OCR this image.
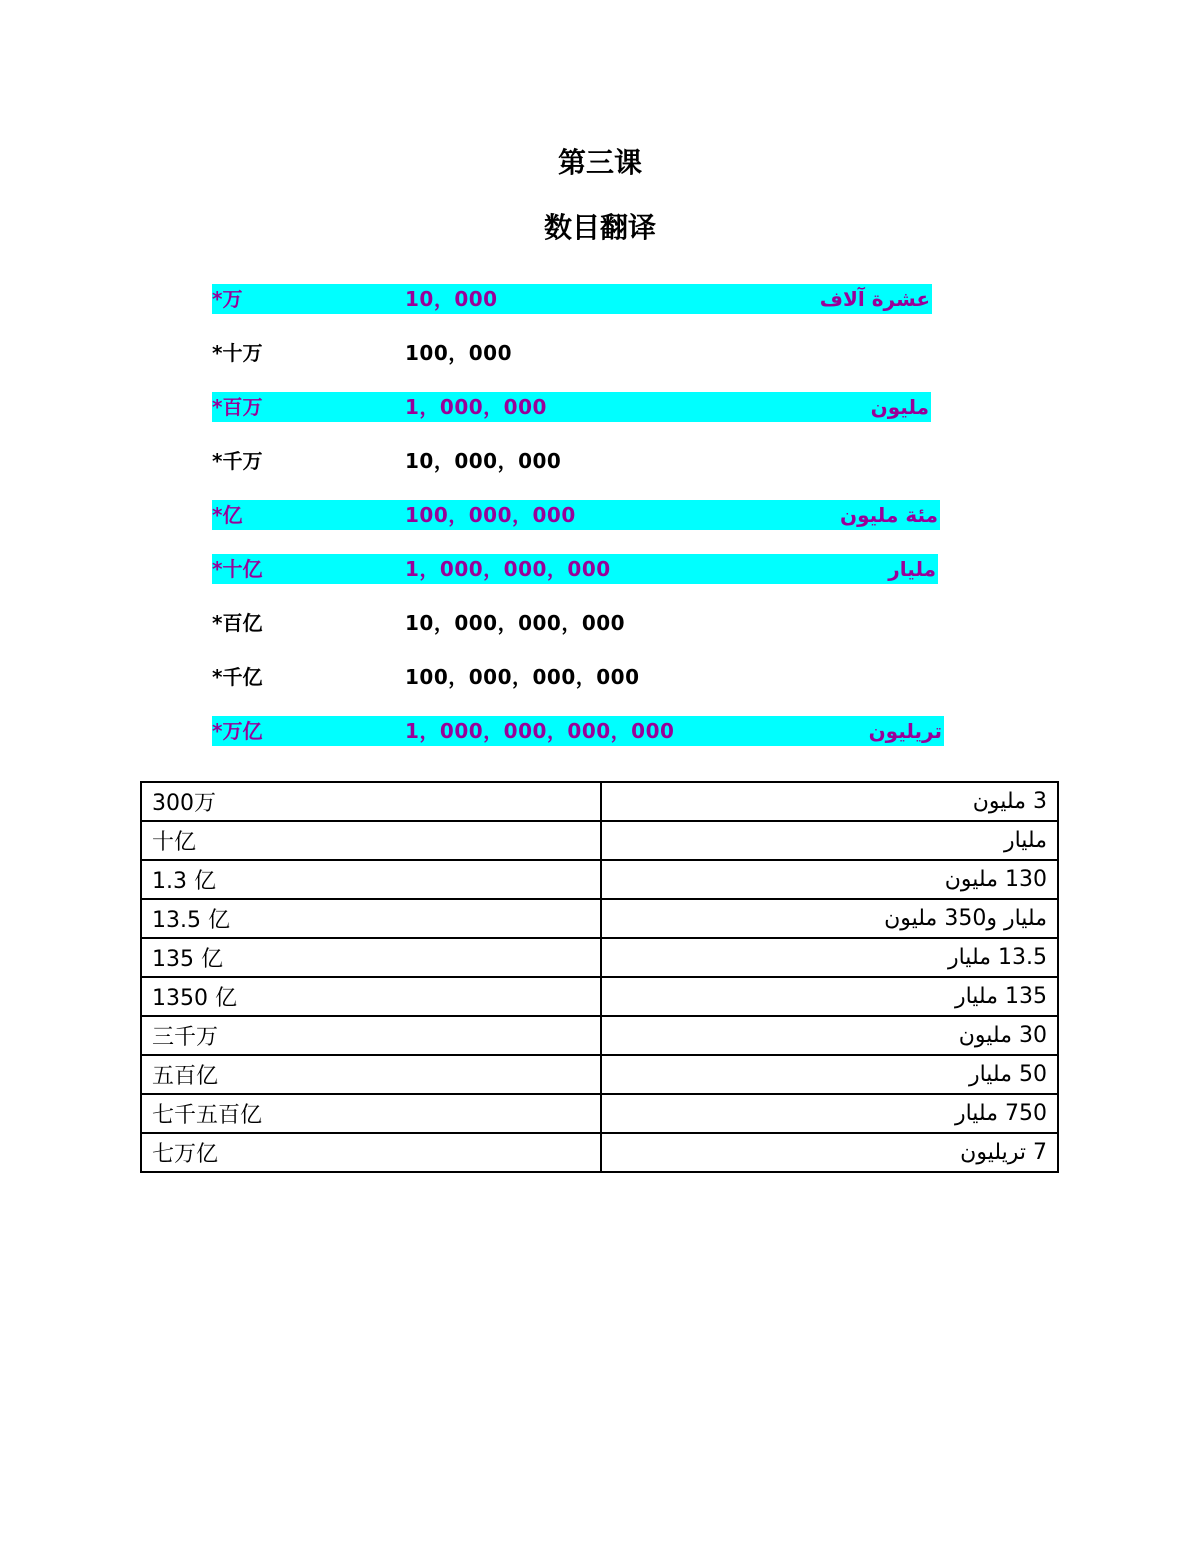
第三课
数目翻译
*万	10，000	عشرة آلاف
*十万	100，000
*百万	1，000，000	مليون
*千万	10，000，000
*亿	100，000，000	مئة مليون
*十亿	1，000，000，000	مليار
*百亿	10，000，000，000
*千亿	100，000，000，000
*万亿	1，000，000，000，000	تريليون
300万	3 مليون
十亿	مليار
1.3 亿	130 مليون
13.5 亿	مليار و350 مليون
135 亿	13.5 مليار
1350 亿	135 مليار
三千万	30 مليون
五百亿	50 مليار
七千五百亿	750 مليار
七万亿	7 تريليون
